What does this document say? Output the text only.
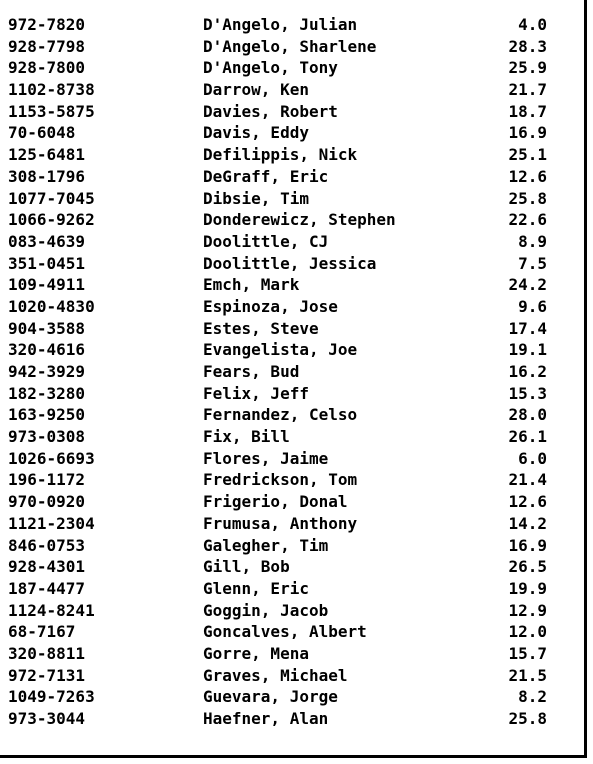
972-7820	D'Angelo, Julian	4.0
928-7798	D'Angelo, Sharlene	28.3
928-7800	D'Angelo, Tony	25.9
1102-8738	Darrow, Ken	21.7
1153-5875	Davies, Robert	18.7
70-6048	Davis, Eddy	16.9
125-6481	Defilippis, Nick	25.1
308-1796	DeGraff, Eric	12.6
1077-7045	Dibsie, Tim	25.8
1066-9262	Donderewicz, Stephen	22.6
083-4639	Doolittle, CJ	8.9
351-0451	Doolittle, Jessica	7.5
109-4911	Emch, Mark	24.2
1020-4830	Espinoza, Jose	9.6
904-3588	Estes, Steve	17.4
320-4616	Evangelista, Joe	19.1
942-3929	Fears, Bud	16.2
182-3280	Felix, Jeff	15.3
163-9250	Fernandez, Celso	28.0
973-0308	Fix, Bill	26.1
1026-6693	Flores, Jaime	6.0
196-1172	Fredrickson, Tom	21.4
970-0920	Frigerio, Donal	12.6
1121-2304	Frumusa, Anthony	14.2
846-0753	Galegher, Tim	16.9
928-4301	Gill, Bob	26.5
187-4477	Glenn, Eric	19.9
1124-8241	Goggin, Jacob	12.9
68-7167	Goncalves, Albert	12.0
320-8811	Gorre, Mena	15.7
972-7131	Graves, Michael	21.5
1049-7263	Guevara, Jorge	8.2
973-3044	Haefner, Alan	25.8
